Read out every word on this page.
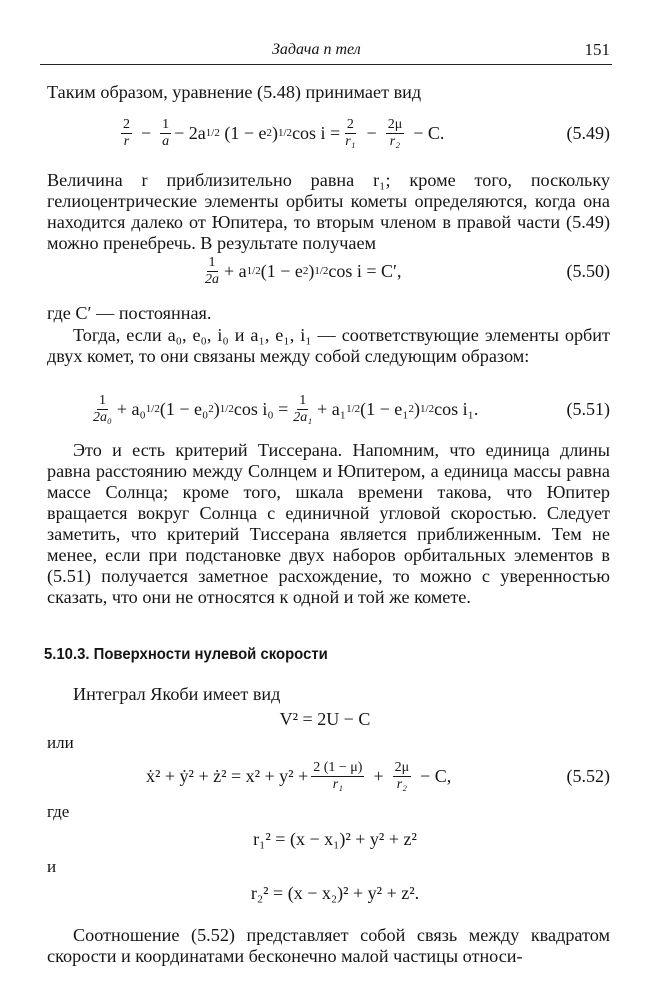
Задача n тел	151

Таким образом, уравнение (5.48) принимает вид

$\frac{2}{r} - \frac{1}{a} - 2a$ 1/2
(1 − e 2 ) 1/2 $\cos i = \frac{2}{\text{r₁}} - \frac{2\mu}{\text{r₂}} - C$.	(5.49)

Величина r приблизительно равна r₁; кроме того, поскольку гелиоцентрические элементы орбиты кометы определяются, когда она находится далеко от Юпитера, то вторым членом в правой части (5.49) можно пренебречь. В результате получаем

$\frac{1}{2a} + a$ 1/2 (1 − e 2 ) 1/2 cos i = C′,	(5.50)

где C′ — постоянная.

Тогда, если a₀, e₀, i₀ и a₁, e₁, i₁ — соответствующие элементы орбит двух комет, то они связаны между собой следующим образом:

$\frac{1}{\text{2a₀}} + a_0$ 1/2 (1 − e₀ 2 ) 1/2 $\cos i_0 = \frac{1}{\text{2a₁}} + a_1$ 1/2 (1 − e₁ 2 ) 1/2 cos i₁.	(5.51)

Это и есть критерий Тиссерана. Напомним, что единица длины равна расстоянию между Солнцем и Юпитером, а единица массы равна массе Солнца; кроме того, шкала времени такова, что Юпитер вращается вокруг Солнца с единичной угловой скоростью. Следует заметить, что критерий Тиссерана является приближенным. Тем не менее, если при подстановке двух наборов орбитальных элементов в (5.51) получается заметное расхождение, то можно с уверенностью сказать, что они не относятся к одной и той же комете.

5.10.3. Поверхности нулевой скорости

Интеграл Якоби имеет вид

V² = 2U − C
или
ẋ² + ẏ² + ż² = $x^2 + y^2 + \frac{2 (1 - \mu)}{\text{r₁}} + \frac{2\mu}{\text{r₂}} - C$,	(5.52)
где
r₁² = (x − x₁)² + y² + z²
и
r₂² = (x − x₂)² + y² + z².

Соотношение (5.52) представляет собой связь между квадратом скорости и координатами бесконечно малой частицы относи-
